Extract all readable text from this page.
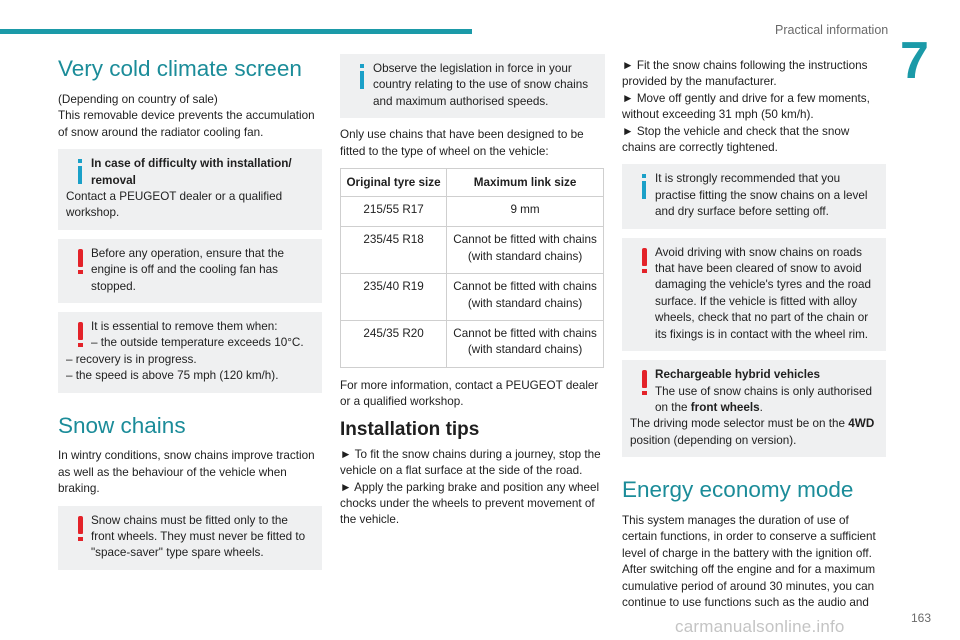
Practical information
7
163
carmanualsonline.info
Very cold climate screen

(Depending on country of sale)
This removable device prevents the accumulation of snow around the radiator cooling fan.

In case of difficulty with installation/ removal
Contact a PEUGEOT dealer or a qualified workshop.
Before any operation, ensure that the engine is off and the cooling fan has stopped.
It is essential to remove them when:
– the outside temperature exceeds 10°C.
– recovery is in progress.
– the speed is above 75 mph (120 km/h).
Snow chains

In wintry conditions, snow chains improve traction as well as the behaviour of the vehicle when braking.

Snow chains must be fitted only to the front wheels. They must never be fitted to "space-saver" type spare wheels.
Observe the legislation in force in your country relating to the use of snow chains and maximum authorised speeds.

Only use chains that have been designed to be fitted to the type of wheel on the vehicle:

Original tyre size	Maximum link size
215/55 R17	9 mm
235/45 R18	Cannot be fitted with chains
(with standard chains)
235/40 R19	Cannot be fitted with chains
(with standard chains)
245/35 R20	Cannot be fitted with chains
(with standard chains)

For more information, contact a PEUGEOT dealer or a qualified workshop.

Installation tips

► To fit the snow chains during a journey, stop the vehicle on a flat surface at the side of the road.

► Apply the parking brake and position any wheel chocks under the wheels to prevent movement of the vehicle.

► Fit the snow chains following the instructions provided by the manufacturer.

► Move off gently and drive for a few moments, without exceeding 31 mph (50 km/h).

► Stop the vehicle and check that the snow chains are correctly tightened.

It is strongly recommended that you practise fitting the snow chains on a level and dry surface before setting off.
Avoid driving with snow chains on roads that have been cleared of snow to avoid damaging the vehicle's tyres and the road surface. If the vehicle is fitted with alloy wheels, check that no part of the chain or its fixings is in contact with the wheel rim.
Rechargeable hybrid vehicles
The use of snow chains is only authorised on the front wheels.
The driving mode selector must be on the 4WD position (depending on version).
Energy economy mode

This system manages the duration of use of certain functions, in order to conserve a sufficient level of charge in the battery with the ignition off. After switching off the engine and for a maximum cumulative period of around 30 minutes, you can continue to use functions such as the audio and
